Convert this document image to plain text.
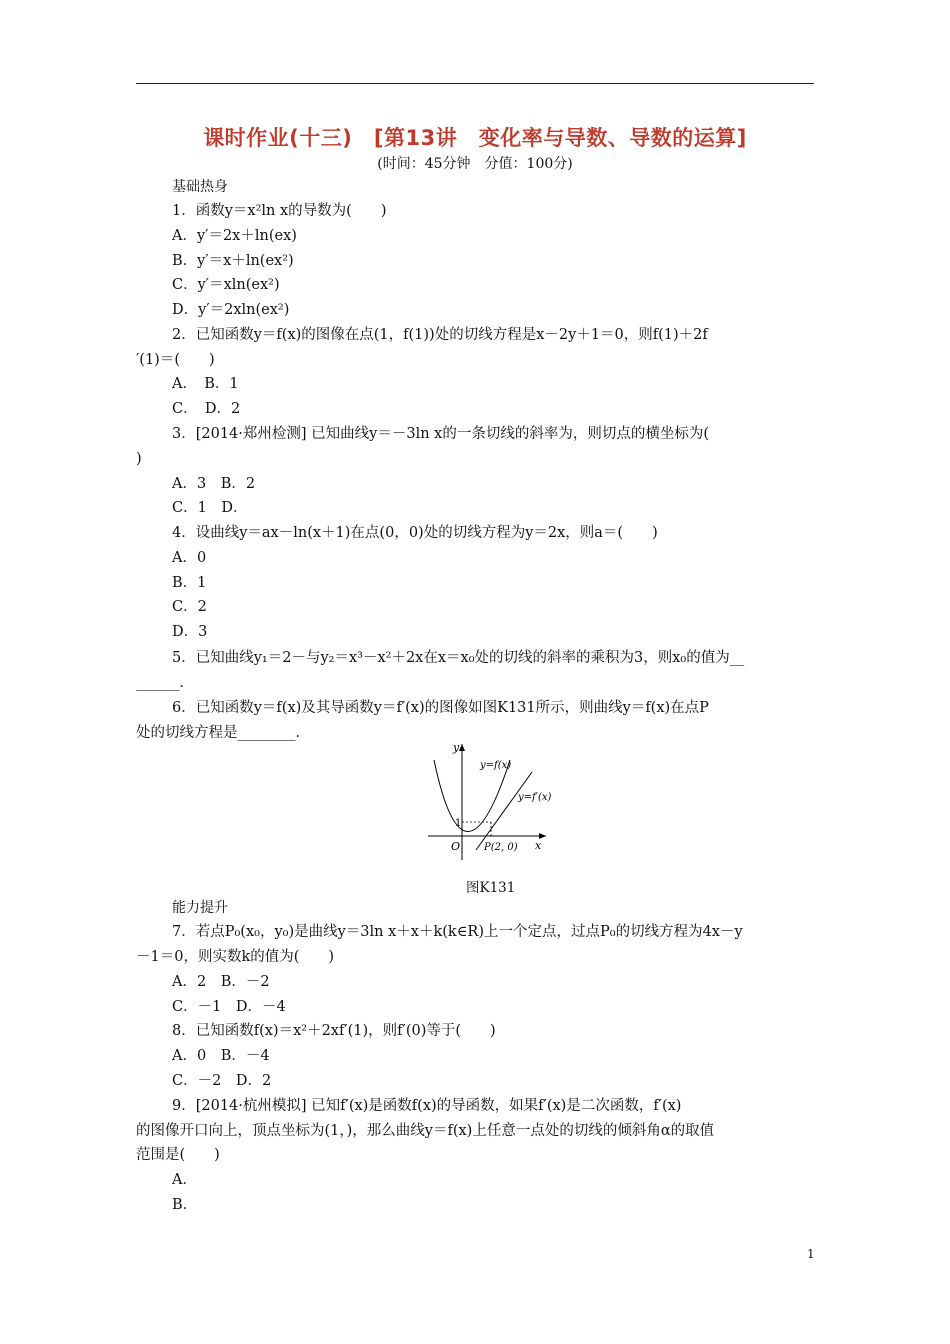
课时作业(十三)　[第13讲　变化率与导数、导数的运算]
(时间：45分钟　分值：100分)
基础热身
1．函数y＝x²ln x的导数为(　　)
A．y′＝2x＋ln(ex)
B．y′＝x＋ln(ex²)
C．y′＝xln(ex²)
D．y′＝2xln(ex²)
2．已知函数y＝f(x)的图像在点(1，f(1))处的切线方程是x－2y＋1＝0，则f(1)＋2f
′(1)＝(　　)
A．　B．1
C．　D．2
3．[2014·郑州检测] 已知曲线y＝－3ln x的一条切线的斜率为，则切点的横坐标为(
)
A．3　B．2
C．1　D．
4．设曲线y＝ax－ln(x＋1)在点(0，0)处的切线方程为y＝2x，则a＝(　　)
A．0
B．1
C．2
D．3
5．已知曲线y₁＝2－与y₂＝x³－x²＋2x在x＝x₀处的切线的斜率的乘积为3，则x₀的值为__
______．
6．已知函数y＝f(x)及其导函数y＝f′(x)的图像如图K131所示，则曲线y＝f(x)在点P
处的切线方程是________．
能力提升
7．若点P₀(x₀，y₀)是曲线y＝3ln x＋x＋k(k∈R)上一个定点，过点P₀的切线方程为4x－y
－1＝0，则实数k的值为(　　)
A．2　B．－2
C．－1　D．－4
8．已知函数f(x)＝x²＋2xf′(1)，则f′(0)等于(　　)
A．0　B．－4
C．－2　D．2
9．[2014·杭州模拟] 已知f′(x)是函数f(x)的导函数，如果f′(x)是二次函数，f′(x)
的图像开口向上，顶点坐标为(1，)，那么曲线y＝f(x)上任意一点处的切线的倾斜角α的取值
范围是(　　)
A．
B．
y
x
y=f(x)
y=f′(x)
O
1
P(2, 0)
图K131
1
